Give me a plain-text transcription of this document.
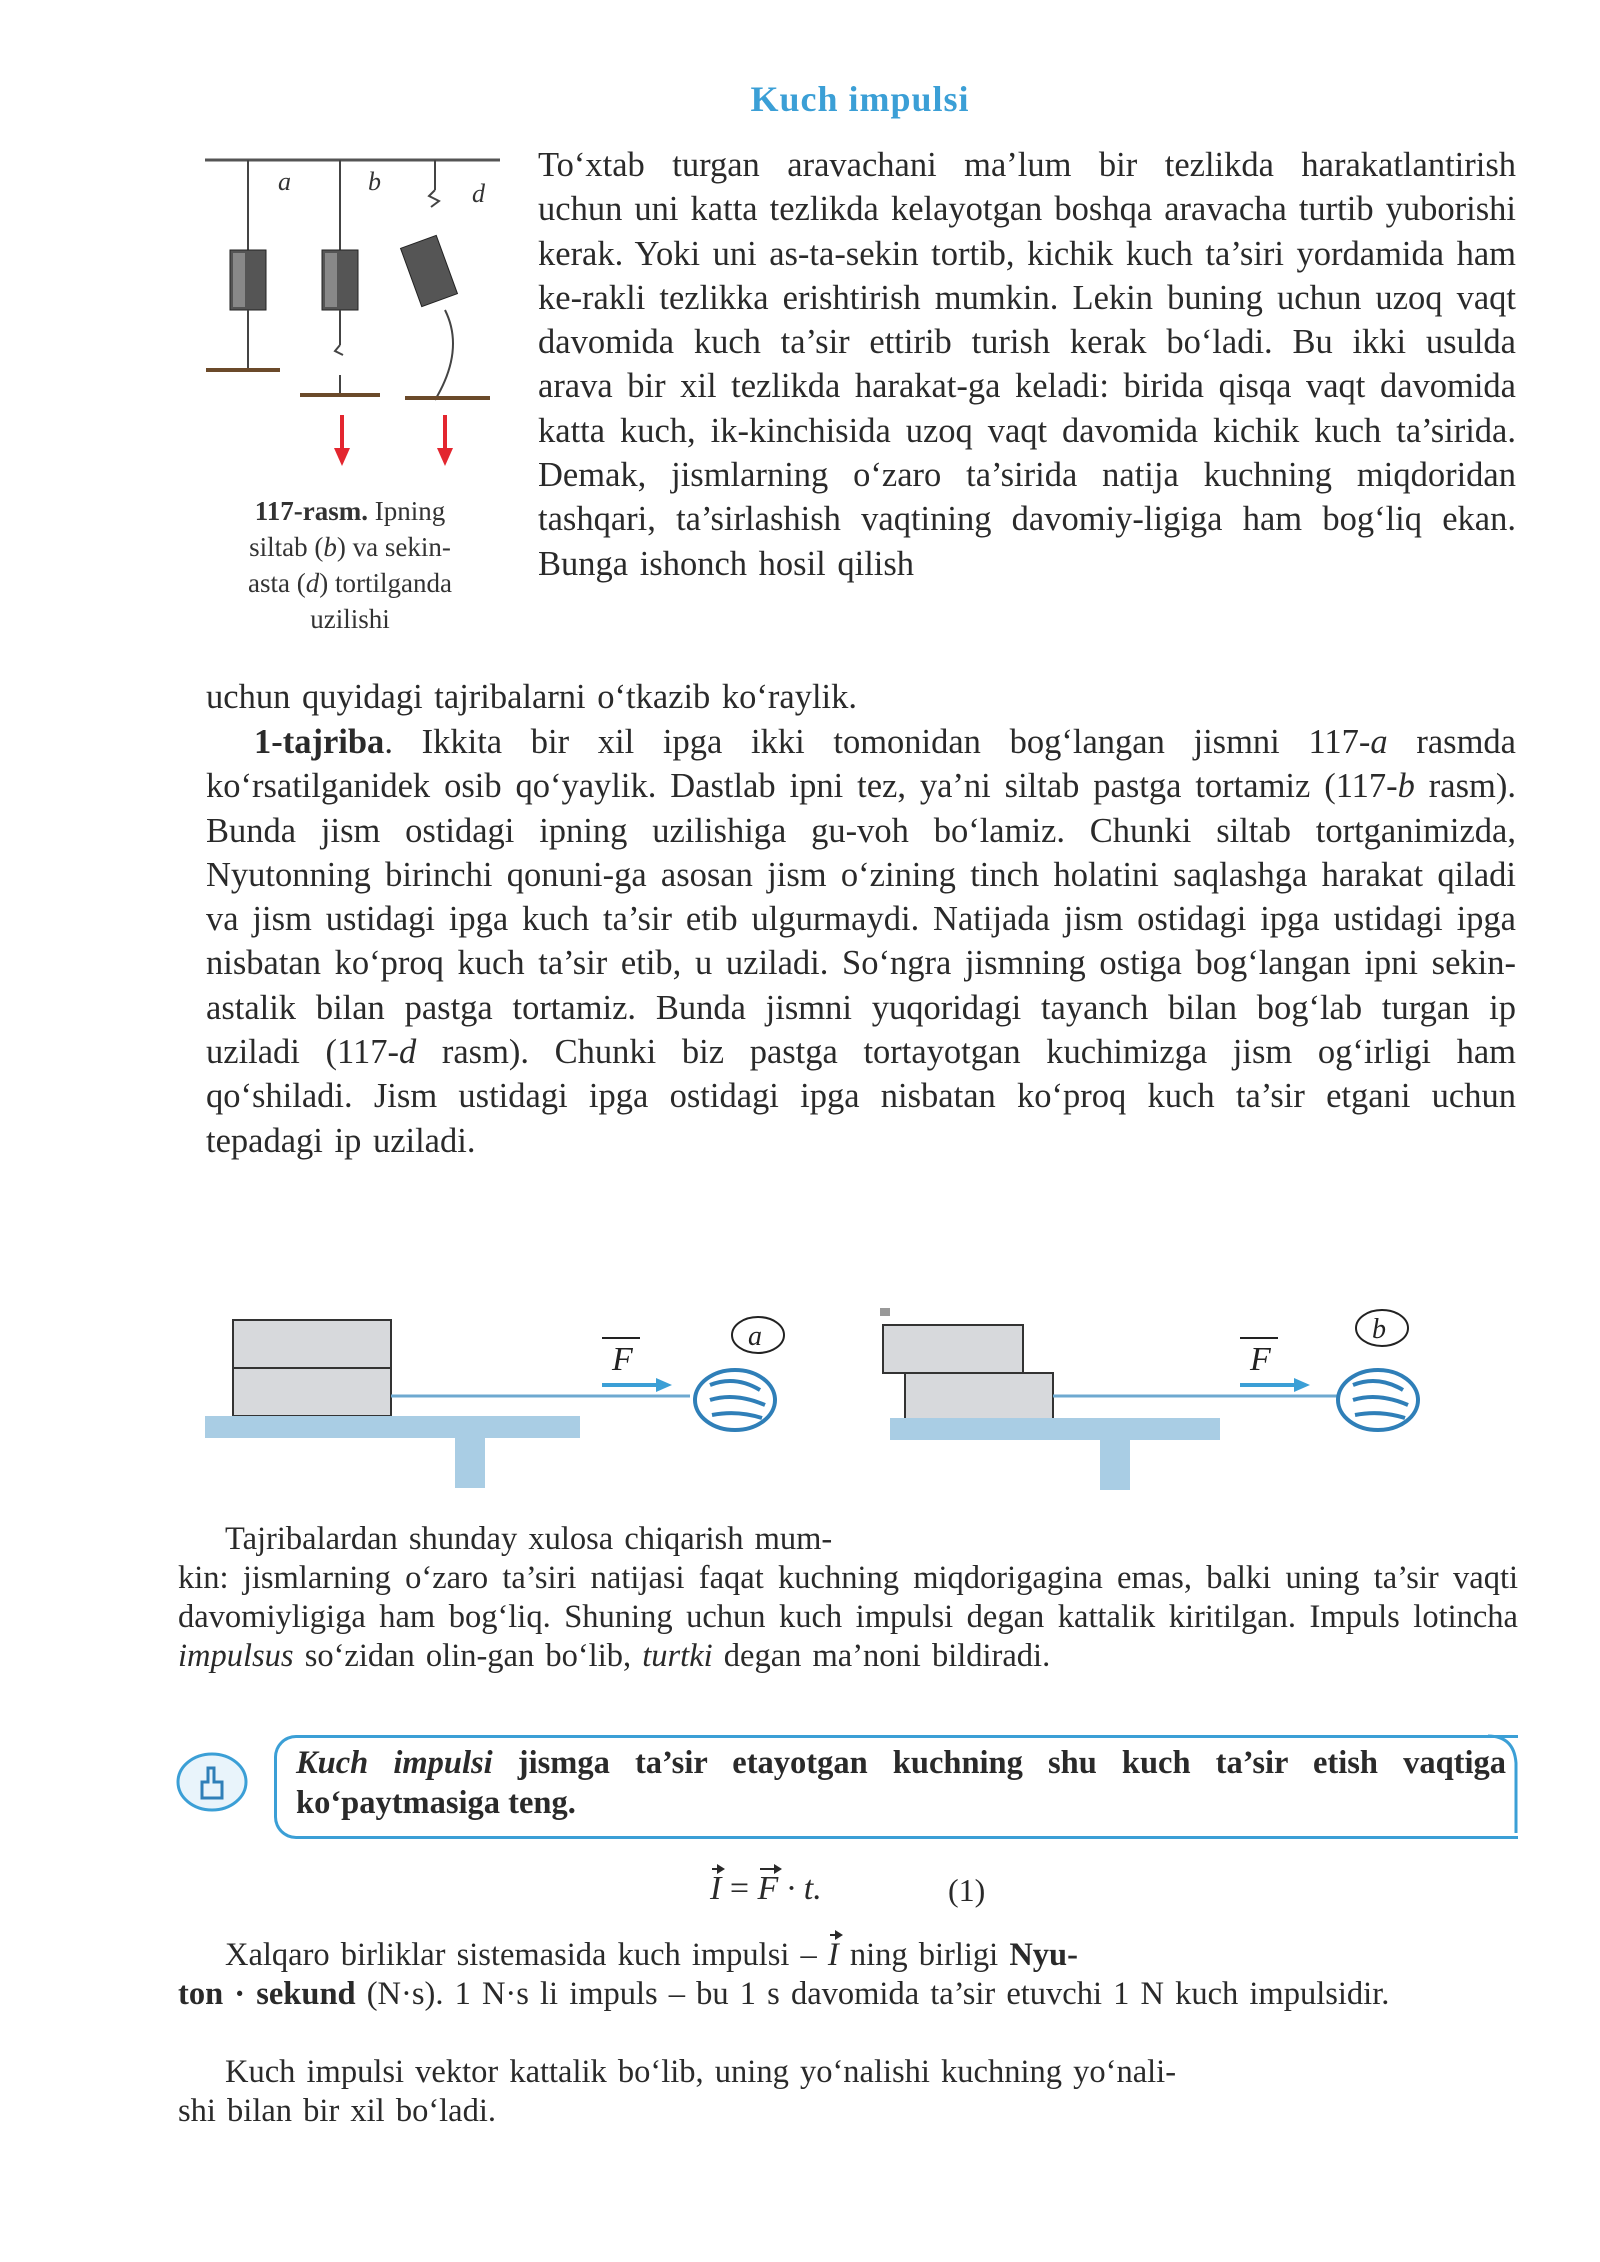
Kuch impulsi
a	b	d
117-rasm. Ipning
siltab (b) va sekin-
asta (d) tortilganda
uzilishi
To‘xtab turgan aravachani ma’lum bir tezlikda harakatlantirish uchun uni katta tezlikda kelayotgan boshqa aravacha turtib yuborishi kerak. Yoki uni as-ta-sekin tortib, kichik kuch ta’siri yordamida ham ke-rakli tezlikka erishtirish mumkin. Lekin buning uchun uzoq vaqt davomida kuch ta’sir ettirib turish kerak bo‘ladi. Bu ikki usulda arava bir xil tezlikda harakat-ga keladi: birida qisqa vaqt davomida katta kuch, ik-kinchisida uzoq vaqt davomida kichik kuch ta’sirida. Demak, jismlarning o‘zaro ta’sirida natija kuchning miqdoridan tashqari, ta’sirlashish vaqtining davomiy-ligiga ham bog‘liq ekan. Bunga ishonch hosil qilish
uchun quyidagi tajribalarni o‘tkazib ko‘raylik.
1-tajriba. Ikkita bir xil ipga ikki tomonidan bog‘langan jismni 117-a rasmda ko‘rsatilganidek osib qo‘yaylik. Dastlab ipni tez, ya’ni siltab pastga tortamiz (117-b rasm). Bunda jism ostidagi ipning uzilishiga gu-voh bo‘lamiz. Chunki siltab tortganimizda, Nyutonning birinchi qonuni-ga asosan jism o‘zining tinch holatini saqlashga harakat qiladi va jism ustidagi ipga kuch ta’sir etib ulgurmaydi. Natijada jism ostidagi ipga ustidagi ipga nisbatan ko‘proq kuch ta’sir etib, u uziladi. So‘ngra jismning ostiga bog‘langan ipni sekin-astalik bilan pastga tortamiz. Bunda jismni yuqoridagi tayanch bilan bog‘lab turgan ip uziladi (117-d rasm). Chunki biz pastga tortayotgan kuchimizga jism og‘irligi ham qo‘shiladi. Jism ustidagi ipga ostidagi ipga nisbatan ko‘proq kuch ta’sir etgani uchun tepadagi ip uziladi.
F
a
F
b
Tajribalardan shunday xulosa chiqarish mum-
kin: jismlarning o‘zaro ta’siri natijasi faqat kuchning miqdorigagina emas, balki uning ta’sir vaqti davomiyligiga ham bog‘liq. Shuning uchun kuch impulsi degan kattalik kiritilgan. Impuls lotincha impulsus so‘zidan olin-gan bo‘lib, turtki degan ma’noni bildiradi.
Kuch impulsi jismga ta’sir etayotgan kuchning shu kuch ta’sir etish vaqtiga ko‘paytmasiga teng.
I = F · t.	(1)
Xalqaro birliklar sistemasida kuch impulsi – I ning birligi Nyu-
ton · sekund (N·s). 1 N·s li impuls – bu 1 s davomida ta’sir etuvchi 1 N kuch impulsidir.
Kuch impulsi vektor kattalik bo‘lib, uning yo‘nalishi kuchning yo‘nali-
shi bilan bir xil bo‘ladi.
